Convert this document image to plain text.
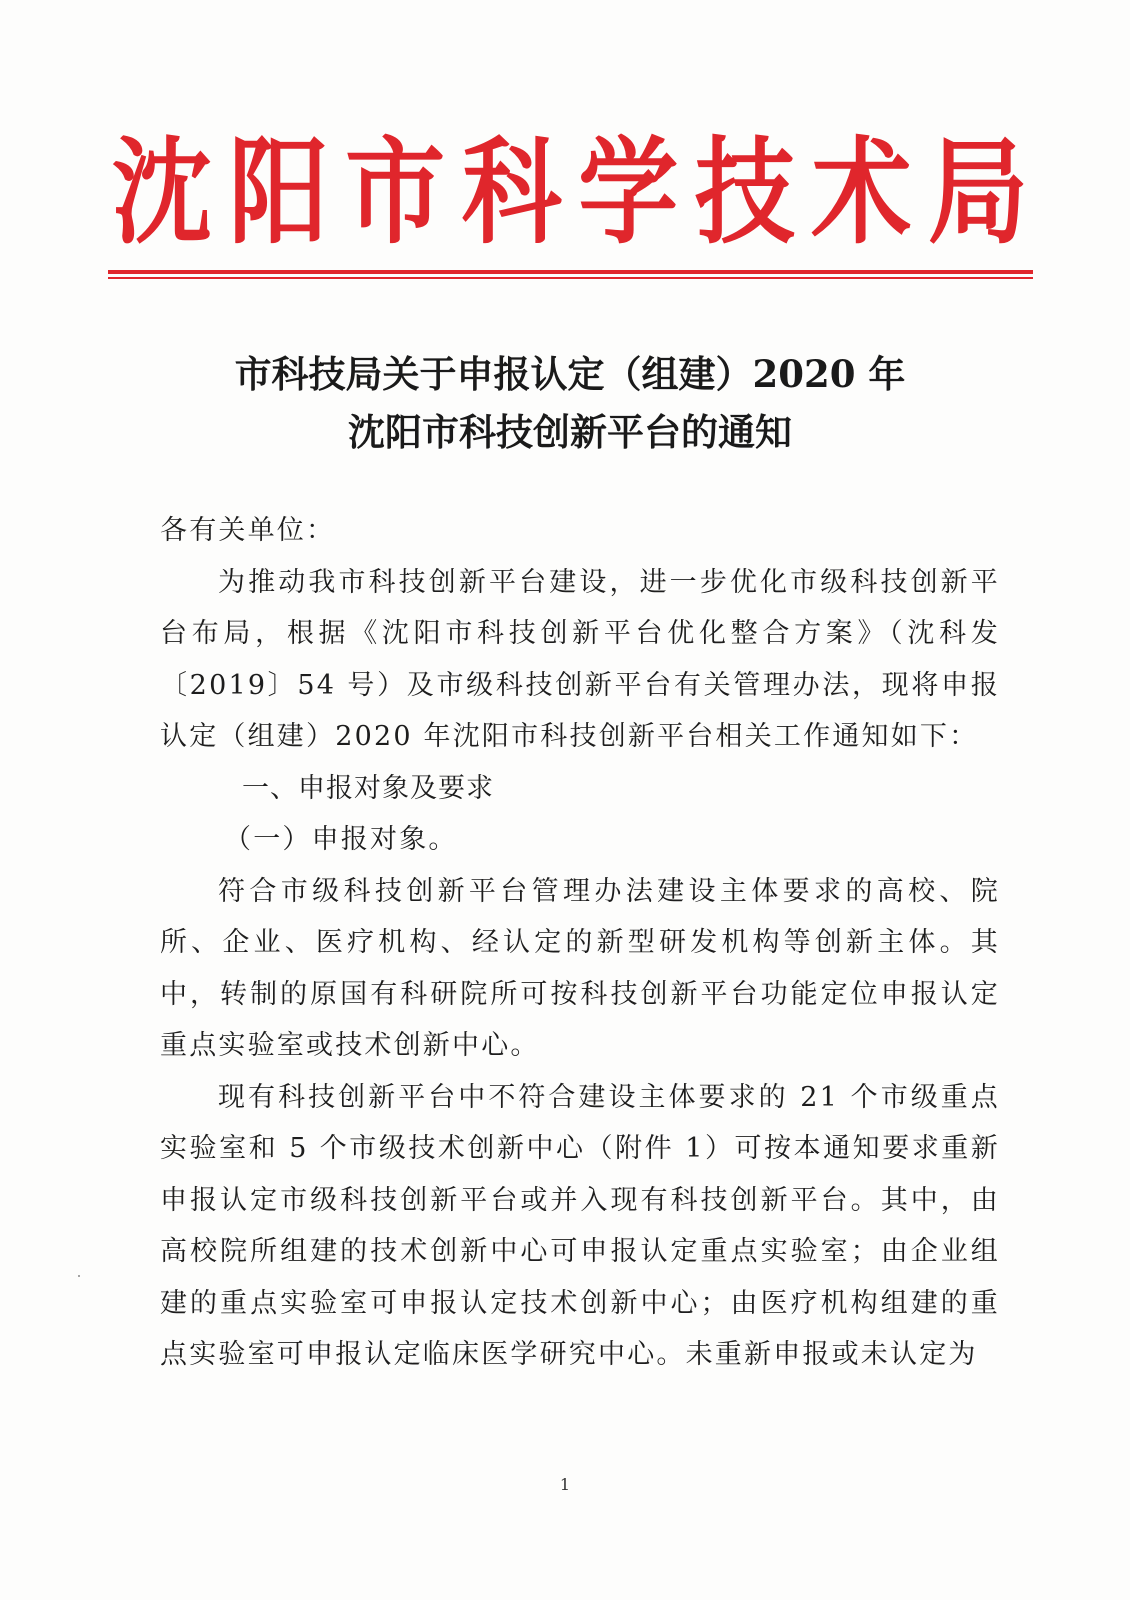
沈 阳 市 科 学 技 术 局
市科技局关于申报认定（组建）2020 年
沈阳市科技创新平台的通知

各有关单位：

为推动我市科技创新平台建设，进一步优化市级科技创新平台布局，根据《沈阳市科技创新平台优化整合方案》（沈科发〔2019〕54 号）及市级科技创新平台有关管理办法，现将申报认定（组建）2020 年沈阳市科技创新平台相关工作通知如下：

一、申报对象及要求

（一）申报对象。

符合市级科技创新平台管理办法建设主体要求的高校、院所、企业、医疗机构、经认定的新型研发机构等创新主体。其中，转制的原国有科研院所可按科技创新平台功能定位申报认定重点实验室或技术创新中心。

现有科技创新平台中不符合建设主体要求的 21 个市级重点实验室和 5 个市级技术创新中心（附件 1）可按本通知要求重新申报认定市级科技创新平台或并入现有科技创新平台。其中，由高校院所组建的技术创新中心可申报认定重点实验室；由企业组建的重点实验室可申报认定技术创新中心；由医疗机构组建的重点实验室可申报认定临床医学研究中心。未重新申报或未认定为

1
